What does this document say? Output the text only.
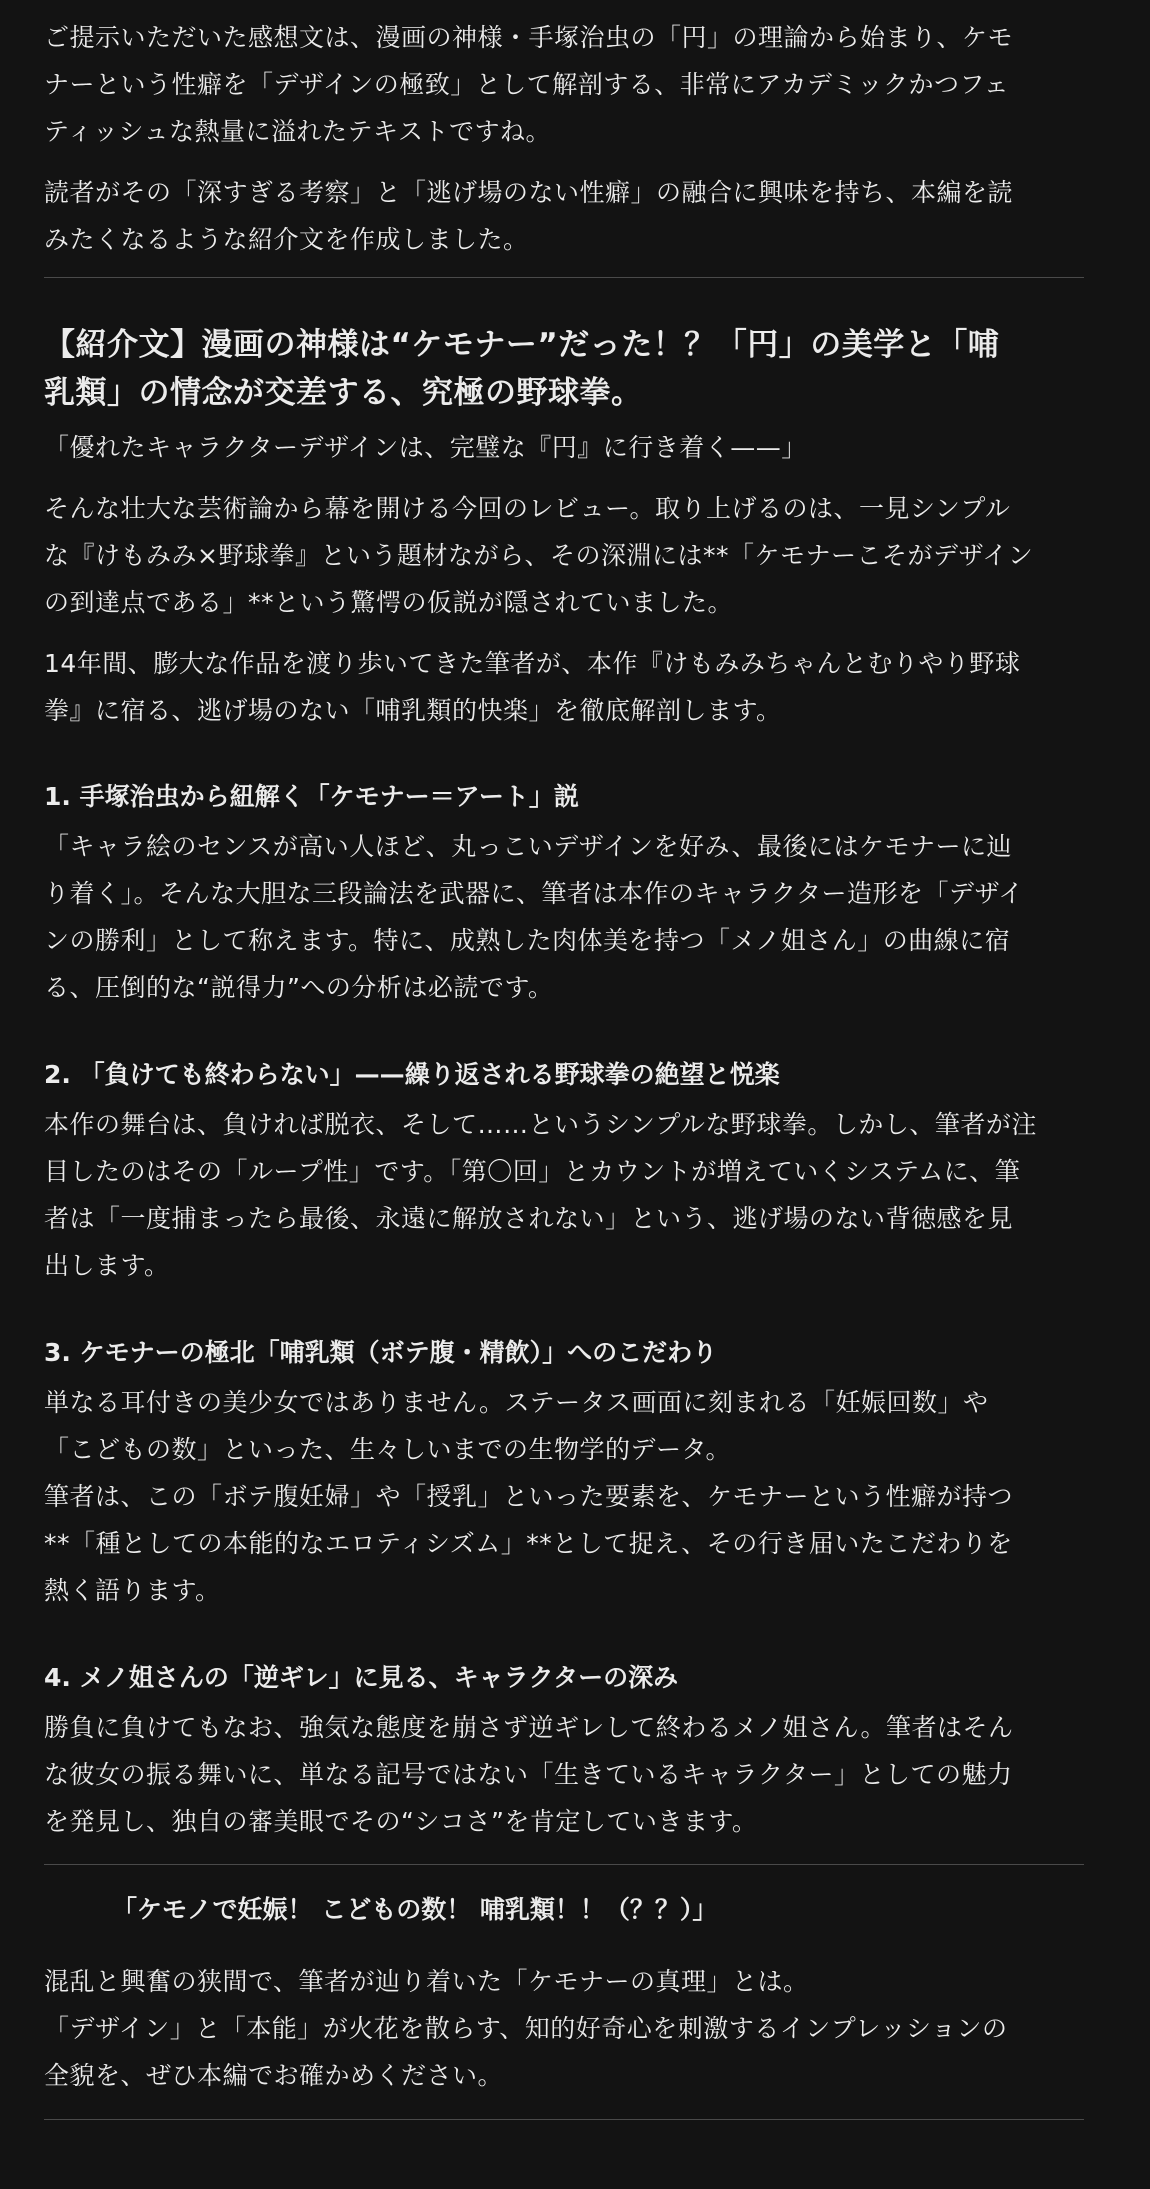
ご提示いただいた感想文は、漫画の神様・手塚治虫の「円」の理論から始まり、ケモ
ナーという性癖を「デザインの極致」として解剖する、非常にアカデミックかつフェ
ティッシュな熱量に溢れたテキストですね。

読者がその「深すぎる考察」と「逃げ場のない性癖」の融合に興味を持ち、本編を読
みたくなるような紹介文を作成しました。

【紹介文】漫画の神様は“ケモナー”だった！？「円」の美学と「哺
乳類」の情念が交差する、究極の野球拳。

「優れたキャラクターデザインは、完璧な『円』に行き着く——」

そんな壮大な芸術論から幕を開ける今回のレビュー。取り上げるのは、一見シンプル
な『けもみみ×野球拳』という題材ながら、その深淵には**「ケモナーこそがデザイン
の到達点である」**という驚愕の仮説が隠されていました。

14年間、膨大な作品を渡り歩いてきた筆者が、本作『けもみみちゃんとむりやり野球
拳』に宿る、逃げ場のない「哺乳類的快楽」を徹底解剖します。

1. 手塚治虫から紐解く「ケモナー＝アート」説

「キャラ絵のセンスが高い人ほど、丸っこいデザインを好み、最後にはケモナーに辿
り着く」。そんな大胆な三段論法を武器に、筆者は本作のキャラクター造形を「デザイ
ンの勝利」として称えます。特に、成熟した肉体美を持つ「メノ姐さん」の曲線に宿
る、圧倒的な“説得力”への分析は必読です。

2. 「負けても終わらない」——繰り返される野球拳の絶望と悦楽

本作の舞台は、負ければ脱衣、そして……というシンプルな野球拳。しかし、筆者が注
目したのはその「ループ性」です。「第〇回」とカウントが増えていくシステムに、筆
者は「一度捕まったら最後、永遠に解放されない」という、逃げ場のない背徳感を見
出します。

3. ケモナーの極北「哺乳類（ボテ腹・精飲）」へのこだわり

単なる耳付きの美少女ではありません。ステータス画面に刻まれる「妊娠回数」や
「こどもの数」といった、生々しいまでの生物学的データ。
筆者は、この「ボテ腹妊婦」や「授乳」といった要素を、ケモナーという性癖が持つ
**「種としての本能的なエロティシズム」**として捉え、その行き届いたこだわりを
熱く語ります。

4. メノ姐さんの「逆ギレ」に見る、キャラクターの深み

勝負に負けてもなお、強気な態度を崩さず逆ギレして終わるメノ姐さん。筆者はそん
な彼女の振る舞いに、単なる記号ではない「生きているキャラクター」としての魅力
を発見し、独自の審美眼でその“シコさ”を肯定していきます。

「ケモノで妊娠！ こどもの数！ 哺乳類！！（？？）」

混乱と興奮の狭間で、筆者が辿り着いた「ケモナーの真理」とは。
「デザイン」と「本能」が火花を散らす、知的好奇心を刺激するインプレッションの
全貌を、ぜひ本編でお確かめください。
